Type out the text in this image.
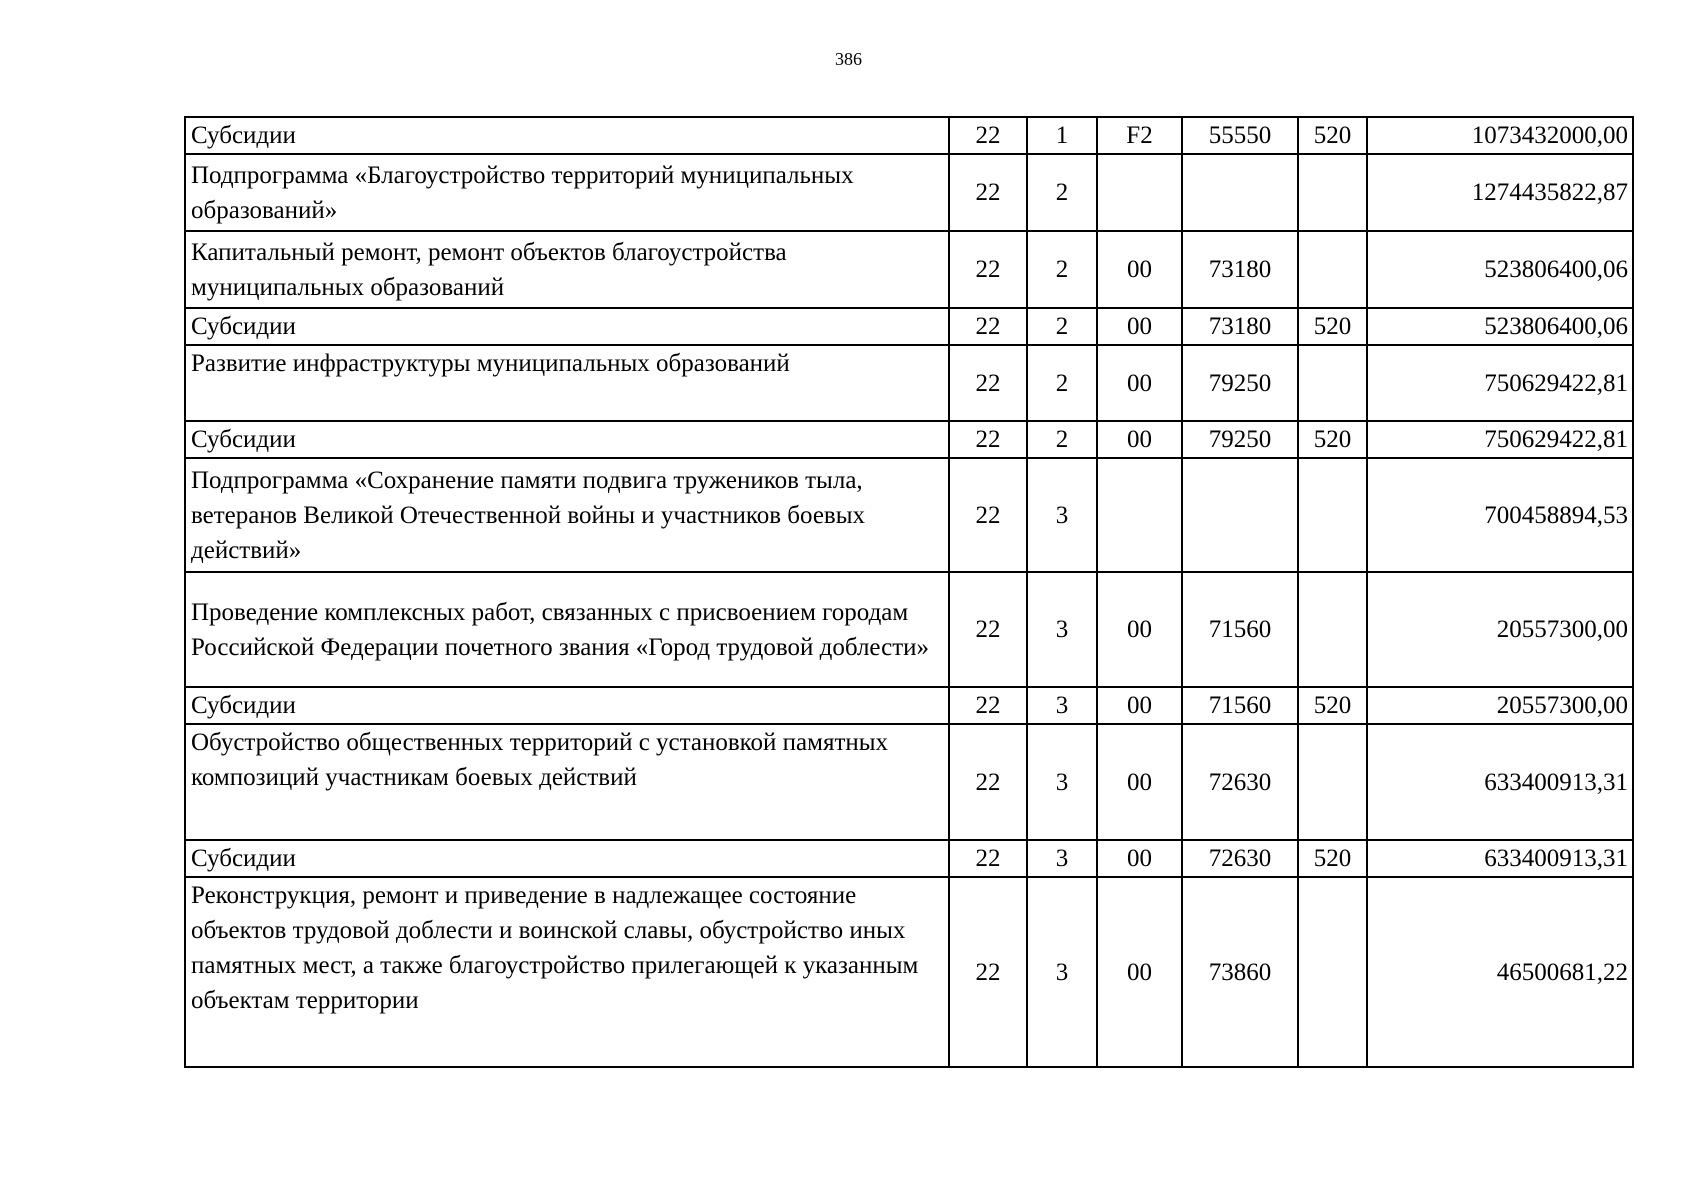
386
Субсидии	22	1	F2	55550	520	1073432000,00
Подпрограмма «Благоустройство территорий муниципальных образований»	22	2				1274435822,87
Капитальный ремонт, ремонт объектов благоустройства муниципальных образований	22	2	00	73180		523806400,06
Субсидии	22	2	00	73180	520	523806400,06
Развитие инфраструктуры муниципальных образований	22	2	00	79250		750629422,81
Субсидии	22	2	00	79250	520	750629422,81
Подпрограмма «Сохранение памяти подвига тружеников тыла, ветеранов Великой Отечественной войны и участников боевых действий»	22	3				700458894,53
Проведение комплексных работ, связанных с присвоением городам Российской Федерации почетного звания «Город трудовой доблести»	22	3	00	71560		20557300,00
Субсидии	22	3	00	71560	520	20557300,00
Обустройство общественных территорий с установкой памятных композиций участникам боевых действий	22	3	00	72630		633400913,31
Субсидии	22	3	00	72630	520	633400913,31
Реконструкция, ремонт и приведение в надлежащее состояние объектов трудовой доблести и воинской славы, обустройство иных памятных мест, а также благоустройство прилегающей к указанным объектам территории	22	3	00	73860		46500681,22
